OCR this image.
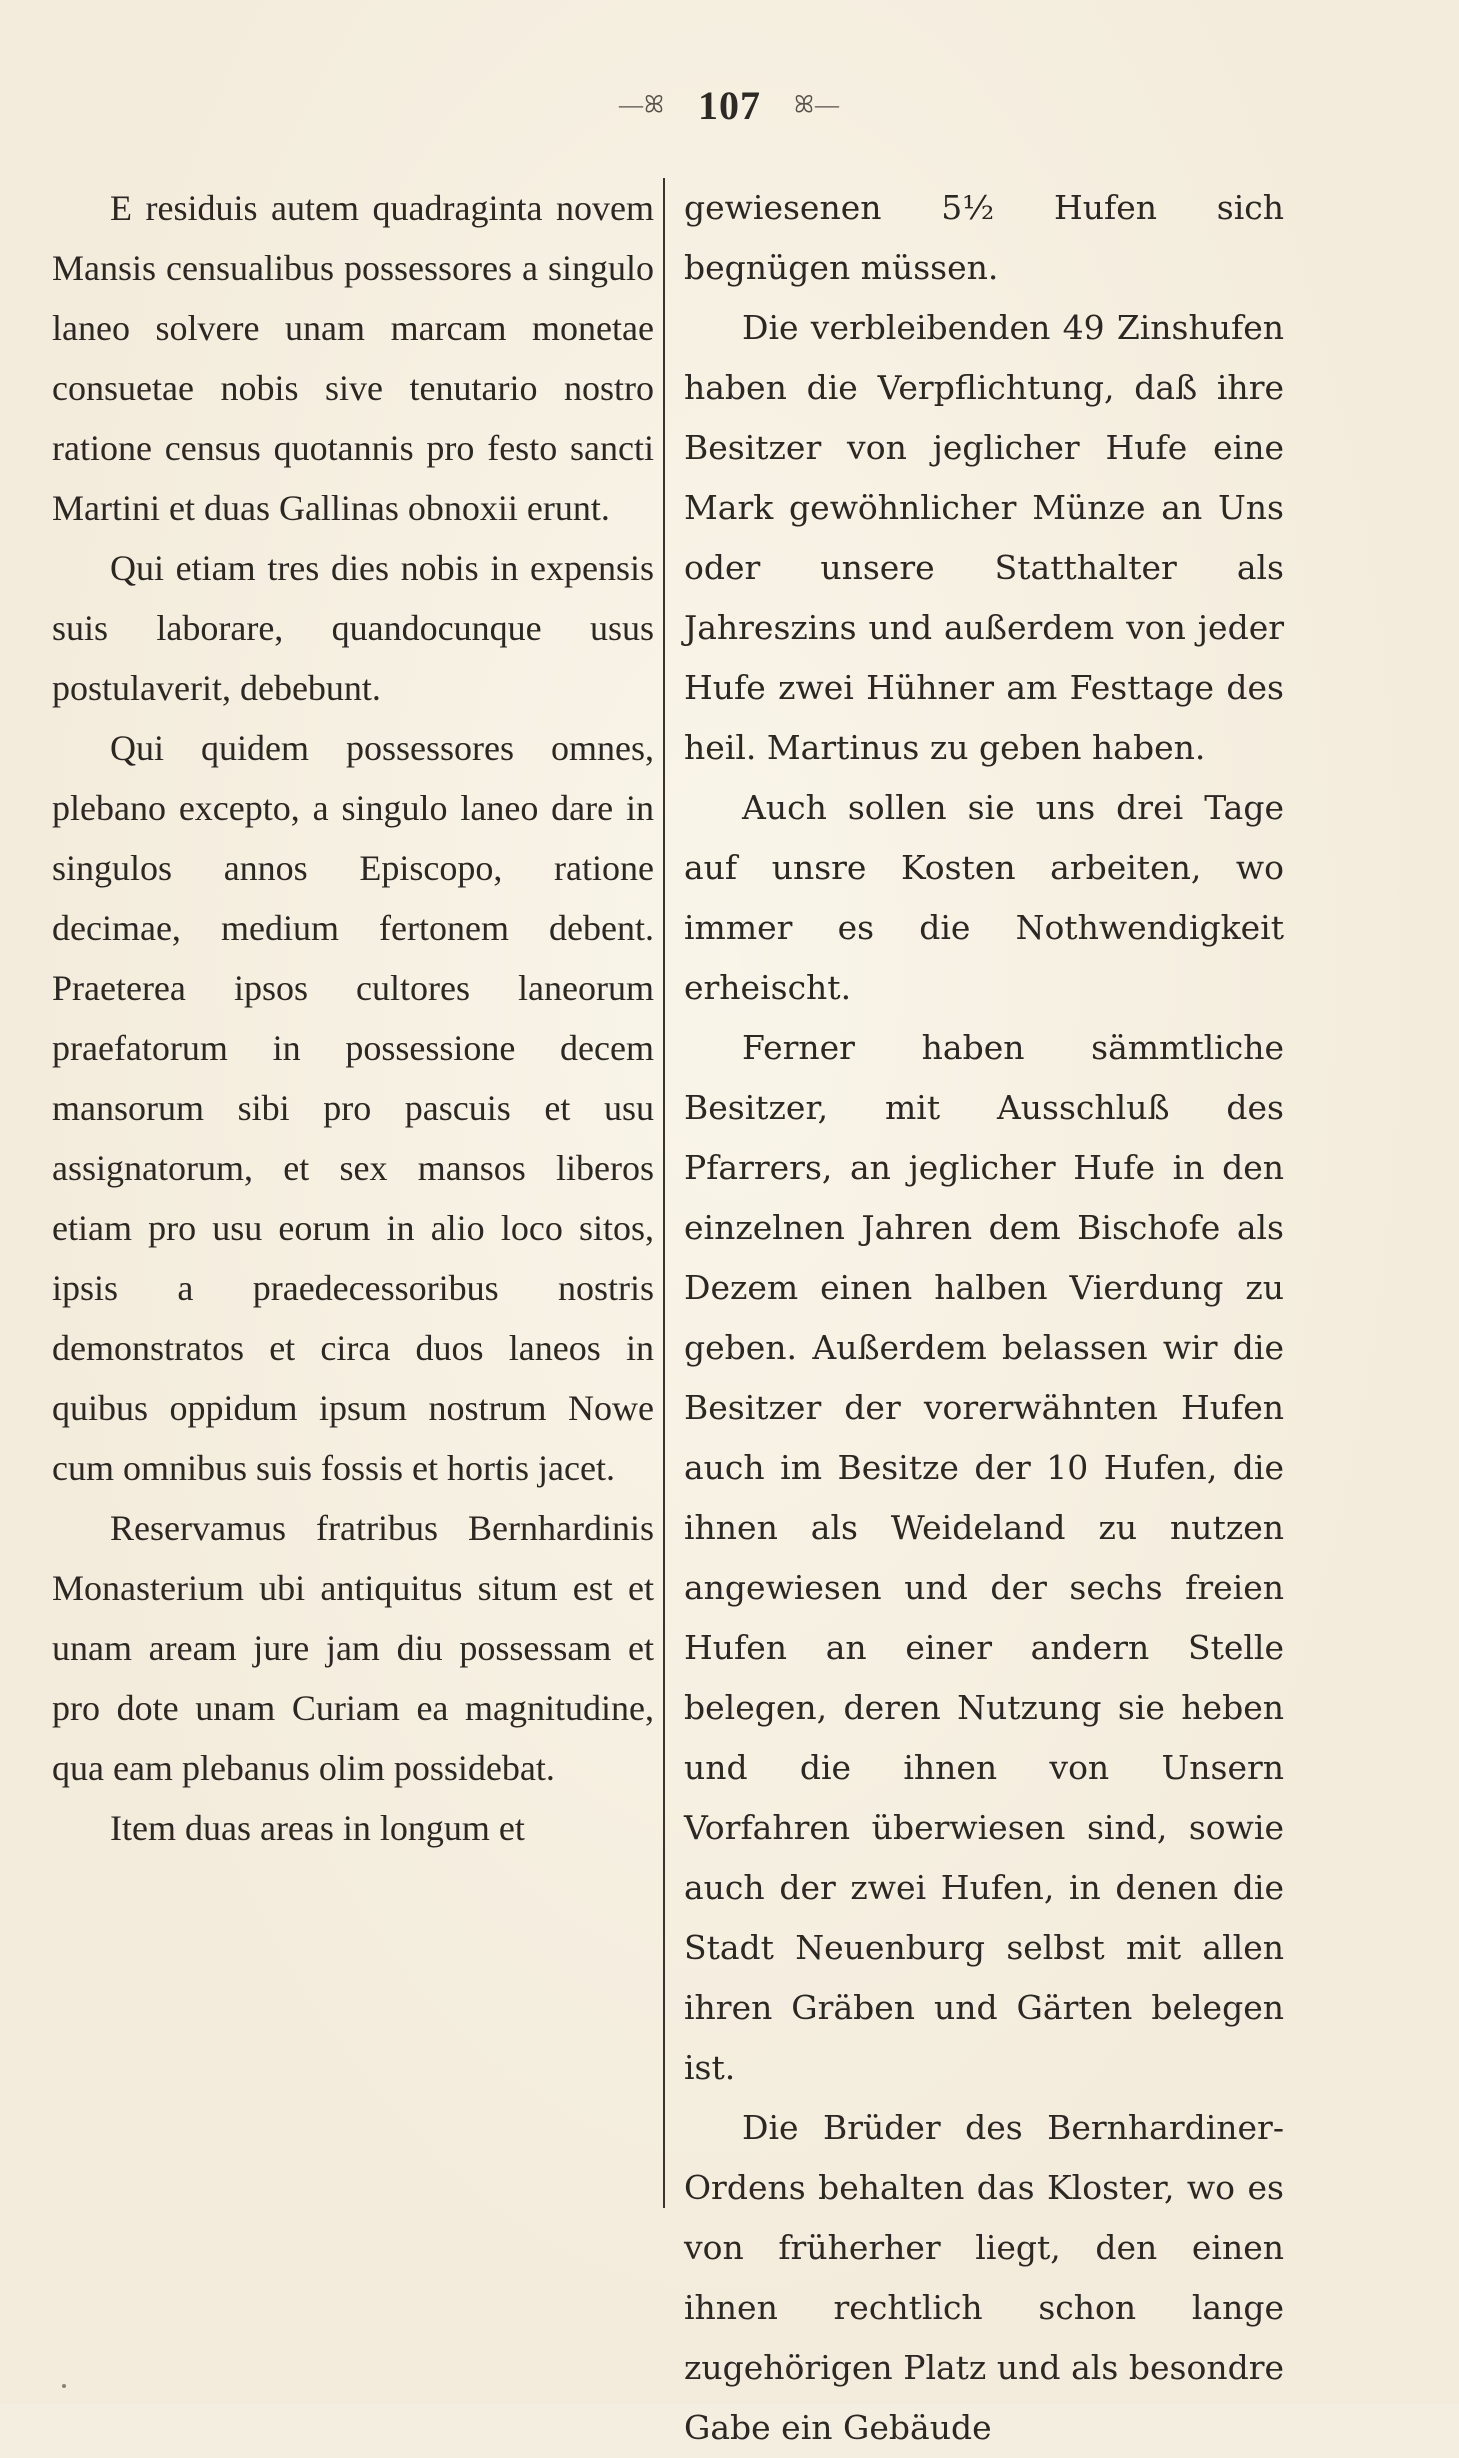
—ꕤ 107 ꕤ—

E residuis autem quadraginta novem Mansis censualibus possessores a singulo laneo solvere unam marcam monetae consuetae nobis sive tenutario nostro ratione census quotannis pro festo sancti Martini et duas Gallinas obnoxii erunt.

Qui etiam tres dies nobis in expensis suis laborare, quandocunque usus postulaverit, debebunt.

Qui quidem possessores omnes, plebano excepto, a singulo laneo dare in singulos annos Episcopo, ratione decimae, medium fertonem debent. Praeterea ipsos cultores laneorum praefatorum in possessione decem mansorum sibi pro pascuis et usu assignatorum, et sex mansos liberos etiam pro usu eorum in alio loco sitos, ipsis a praedecessoribus nostris demonstratos et circa duos laneos in quibus oppidum ipsum nostrum Nowe cum omnibus suis fossis et hortis jacet.

Reservamus fratribus Bernhardinis Monasterium ubi antiquitus situm est et unam aream jure jam diu possessam et pro dote unam Curiam ea magnitudine, qua eam plebanus olim possidebat.

Item duas areas in longum et

gewiesenen 5½ Hufen sich begnügen müssen.

Die verbleibenden 49 Zinshufen haben die Verpflichtung, daß ihre Besitzer von jeglicher Hufe eine Mark gewöhnlicher Münze an Uns oder unsere Statthalter als Jahreszins und außerdem von jeder Hufe zwei Hühner am Festtage des heil. Martinus zu geben haben.

Auch sollen sie uns drei Tage auf unsre Kosten arbeiten, wo immer es die Nothwendigkeit erheischt.

Ferner haben sämmtliche Besitzer, mit Ausschluß des Pfarrers, an jeglicher Hufe in den einzelnen Jahren dem Bischofe als Dezem einen halben Vierdung zu geben. Außerdem belassen wir die Besitzer der vorerwähnten Hufen auch im Besitze der 10 Hufen, die ihnen als Weideland zu nutzen angewiesen und der sechs freien Hufen an einer andern Stelle belegen, deren Nutzung sie heben und die ihnen von Unsern Vorfahren überwiesen sind, sowie auch der zwei Hufen, in denen die Stadt Neuenburg selbst mit allen ihren Gräben und Gärten belegen ist.

Die Brüder des Bernhardiner-Ordens behalten das Kloster, wo es von früherher liegt, den einen ihnen rechtlich schon lange zugehörigen Platz und als besondre Gabe ein Gebäude
